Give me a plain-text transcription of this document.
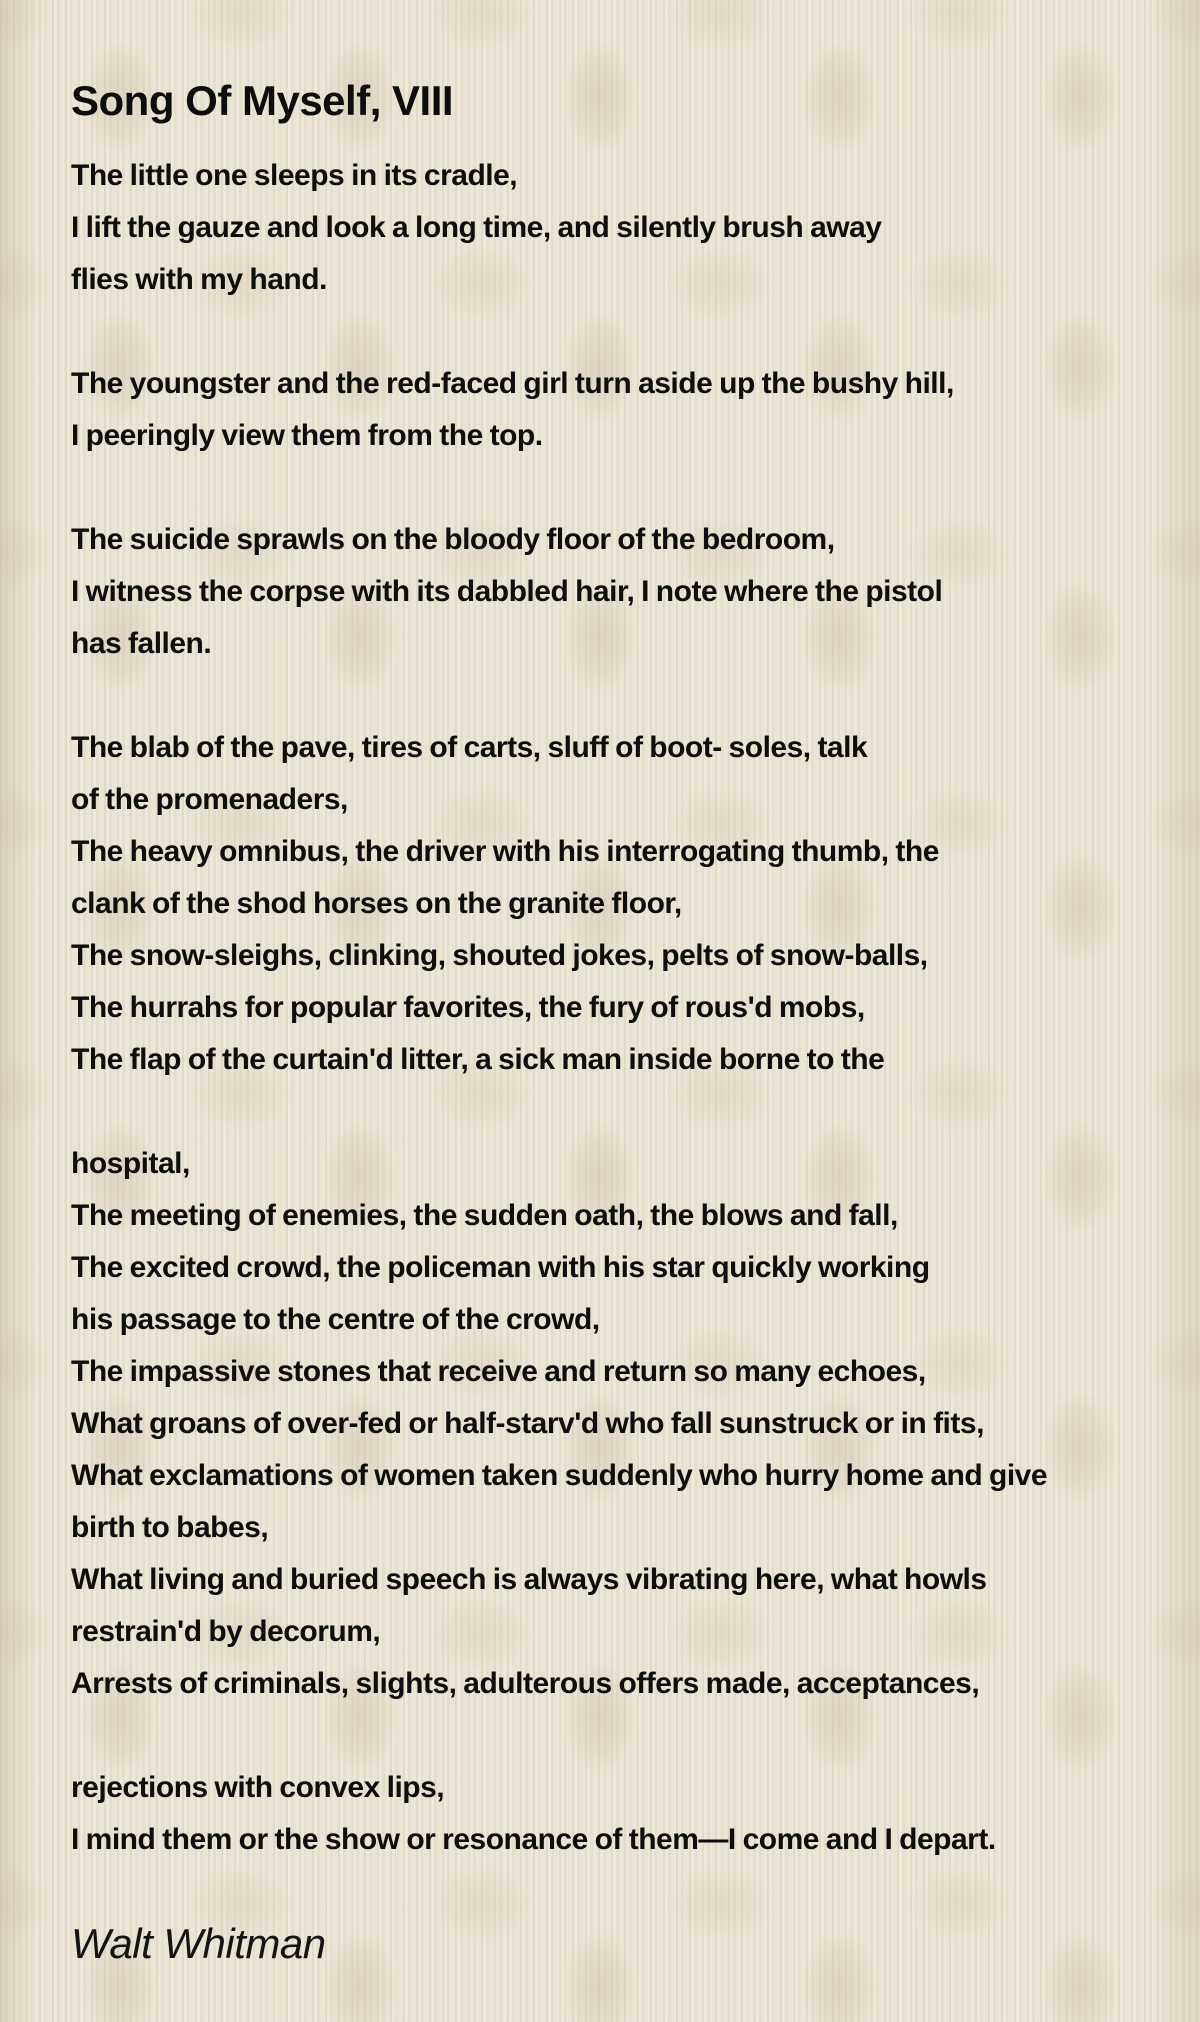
Song Of Myself, VIII
The little one sleeps in its cradle,
I lift the gauze and look a long time, and silently brush away
flies with my hand.
The youngster and the red-faced girl turn aside up the bushy hill,
I peeringly view them from the top.
The suicide sprawls on the bloody floor of the bedroom,
I witness the corpse with its dabbled hair, I note where the pistol
has fallen.
The blab of the pave, tires of carts, sluff of boot- soles, talk
of the promenaders,
The heavy omnibus, the driver with his interrogating thumb, the
clank of the shod horses on the granite floor,
The snow-sleighs, clinking, shouted jokes, pelts of snow-balls,
The hurrahs for popular favorites, the fury of rous'd mobs,
The flap of the curtain'd litter, a sick man inside borne to the
hospital,
The meeting of enemies, the sudden oath, the blows and fall,
The excited crowd, the policeman with his star quickly working
his passage to the centre of the crowd,
The impassive stones that receive and return so many echoes,
What groans of over-fed or half-starv'd who fall sunstruck or in fits,
What exclamations of women taken suddenly who hurry home and give
birth to babes,
What living and buried speech is always vibrating here, what howls
restrain'd by decorum,
Arrests of criminals, slights, adulterous offers made, acceptances,
rejections with convex lips,
I mind them or the show or resonance of them—I come and I depart.
Walt Whitman
